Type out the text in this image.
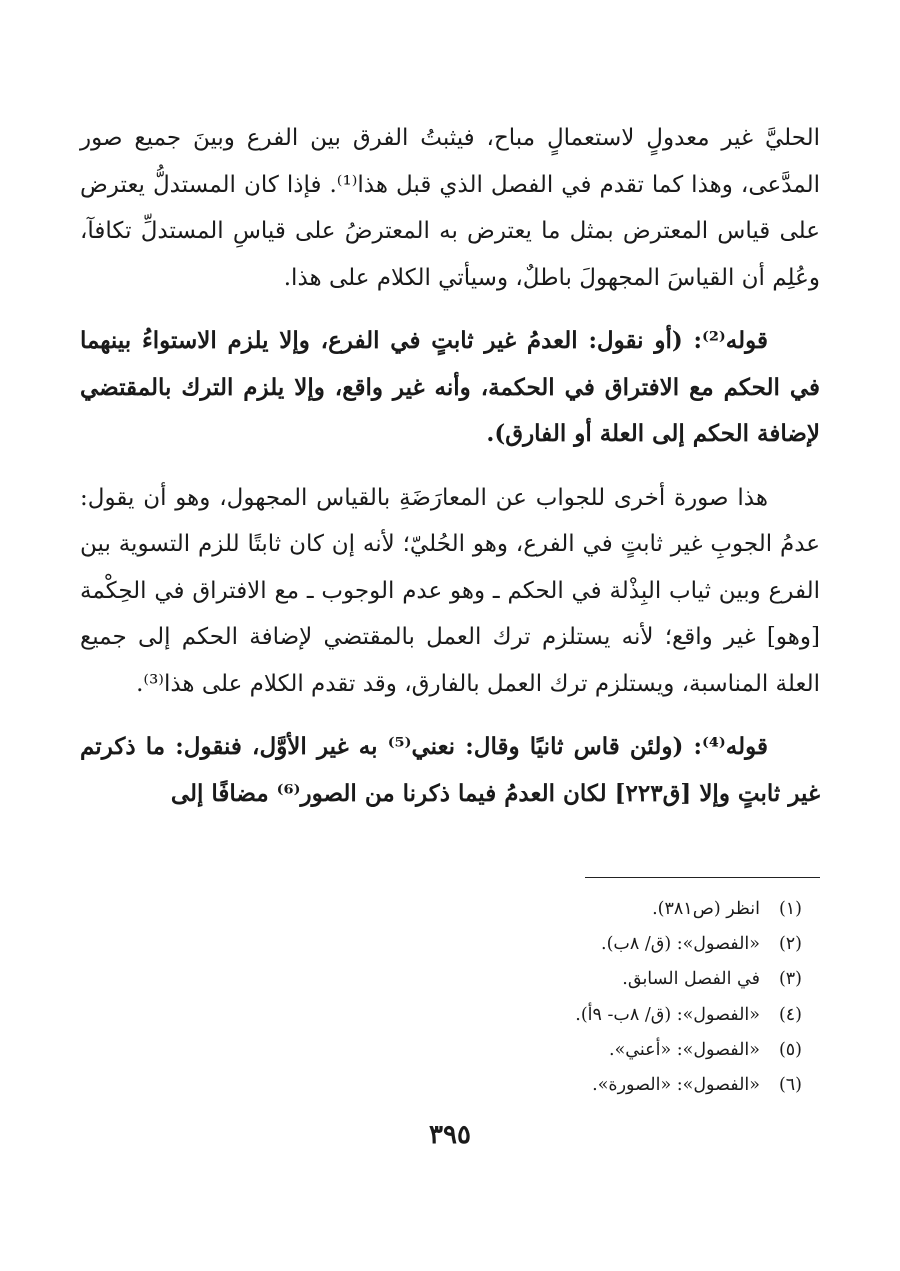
الحليَّ غير معدولٍ لاستعمالٍ مباح، فيثبتُ الفرق بين الفرع وبينَ جميع صور المدَّعى، وهذا كما تقدم في الفصل الذي قبل هذا⁽¹⁾. فإذا كان المستدلُّ يعترض على قياس المعترض بمثل ما يعترض به المعترضُ على قياسِ المستدلِّ تكافآ، وعُلِم أن القياسَ المجهولَ باطلٌ، وسيأتي الكلام على هذا.

قوله⁽²⁾: (أو نقول: العدمُ غير ثابتٍ في الفرع، وإلا يلزم الاستواءُ بينهما في الحكم مع الافتراق في الحكمة، وأنه غير واقع، وإلا يلزم الترك بالمقتضي لإضافة الحكم إلى العلة أو الفارق).

هذا صورة أخرى للجواب عن المعارَضَةِ بالقياس المجهول، وهو أن يقول: عدمُ الجوبِ غير ثابتٍ في الفرع، وهو الحُليّ؛ لأنه إن كان ثابتًا للزم التسوية بين الفرع وبين ثياب البِذْلة في الحكم ـ وهو عدم الوجوب ـ مع الافتراق في الحِكْمة [وهو] غير واقع؛ لأنه يستلزم ترك العمل بالمقتضي لإضافة الحكم إلى جميع العلة المناسبة، ويستلزم ترك العمل بالفارق، وقد تقدم الكلام على هذا⁽³⁾.

قوله⁽⁴⁾: (ولئن قاس ثانيًا وقال: نعني⁽⁵⁾ به غير الأوَّل، فنقول: ما ذكرتم غير ثابتٍ وإلا [ق٢٢٣] لكان العدمُ فيما ذكرنا من الصور⁽⁶⁾ مضافًا إلى

(١)انظر (ص٣٨١).
(٢)«الفصول»: (ق/ ٨ب).
(٣)في الفصل السابق.
(٤)«الفصول»: (ق/ ٨ب- ٩أ).
(٥)«الفصول»: «أعني».
(٦)«الفصول»: «الصورة».
٣٩٥
